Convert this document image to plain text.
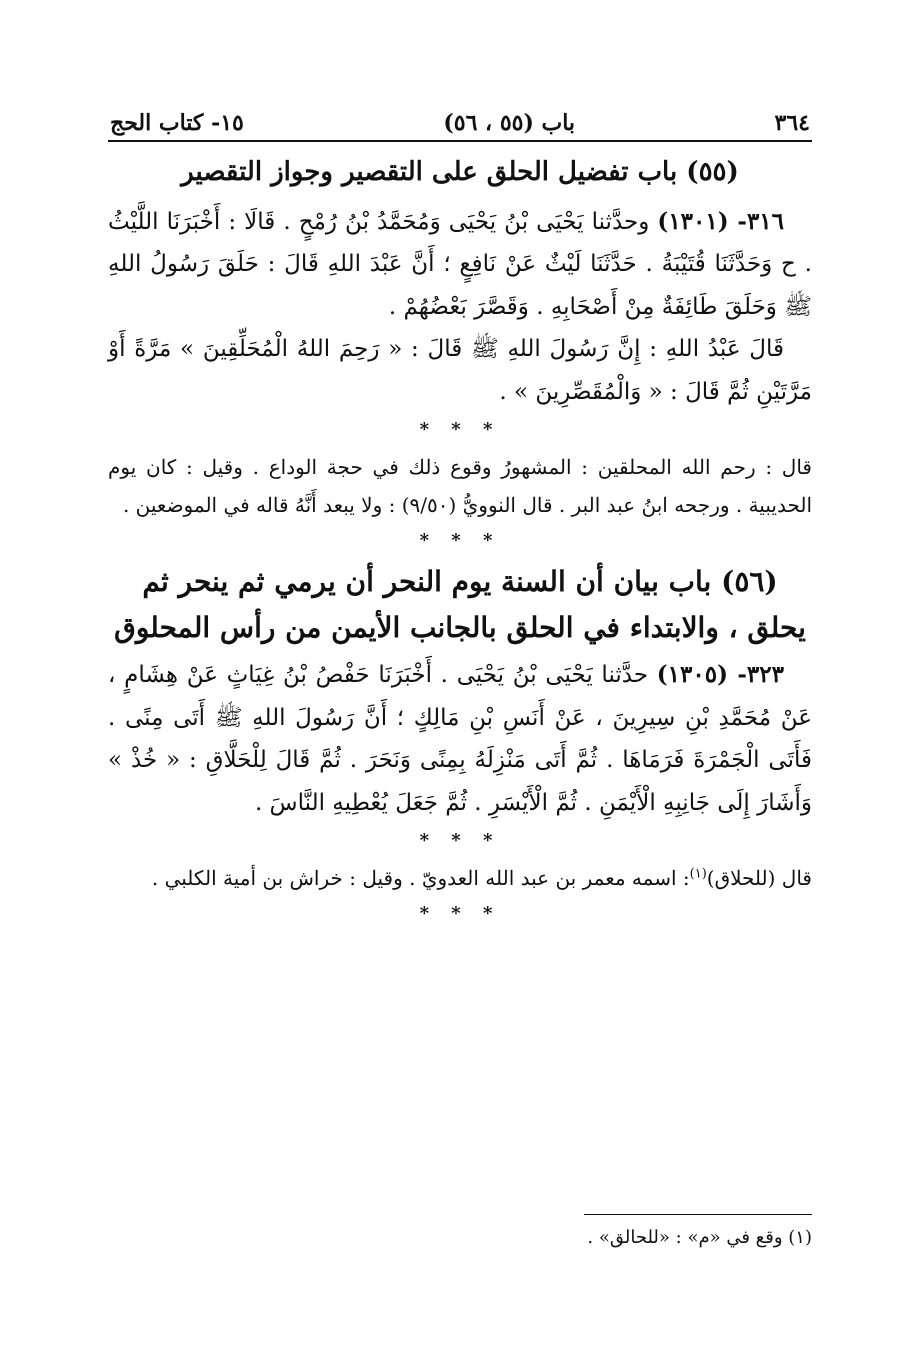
٣٦٤
باب (٥٥ ، ٥٦)
١٥- كتاب الحج
(٥٥) باب تفضيل الحلق على التقصير وجواز التقصير

٣١٦- (١٣٠١) وحدَّثنا يَحْيَى بْنُ يَحْيَى وَمُحَمَّدُ بْنُ رُمْحٍ . قَالَا : أَخْبَرَنَا اللَّيْثُ . ح وَحَدَّثَنَا قُتَيْبَةُ . حَدَّثَنَا لَيْثٌ عَنْ نَافِعٍ ؛ أَنَّ عَبْدَ اللهِ قَالَ : حَلَقَ رَسُولُ اللهِ ﷺ وَحَلَقَ طَائِفَةٌ مِنْ أَصْحَابِهِ . وَقَصَّرَ بَعْضُهُمْ .

قَالَ عَبْدُ اللهِ : إِنَّ رَسُولَ اللهِ ﷺ قَالَ : « رَحِمَ اللهُ الْمُحَلِّقِينَ » مَرَّةً أَوْ مَرَّتَيْنِ ثُمَّ قَالَ : « وَالْمُقَصِّرِينَ » .

* * *

قال : رحم الله المحلقين : المشهورُ وقوع ذلك في حجة الوداع . وقيل : كان يوم الحديبية . ورجحه ابنُ عبد البر . قال النوويُّ (٩/٥٠) : ولا يبعد أَنَّهُ قاله في الموضعين .

* * *
(٥٦) باب بيان أن السنة يوم النحر أن يرمي ثم ينحر ثم
يحلق ، والابتداء في الحلق بالجانب الأيمن من رأس المحلوق

٣٢٣- (١٣٠٥) حدَّثنا يَحْيَى بْنُ يَحْيَى . أَخْبَرَنَا حَفْصُ بْنُ غِيَاثٍ عَنْ هِشَامٍ ، عَنْ مُحَمَّدِ بْنِ سِيرِينَ ، عَنْ أَنَسِ بْنِ مَالِكٍ ؛ أَنَّ رَسُولَ اللهِ ﷺ أَتَى مِنًى . فَأَتَى الْجَمْرَةَ فَرَمَاهَا . ثُمَّ أَتَى مَنْزِلَهُ بِمِنًى وَنَحَرَ . ثُمَّ قَالَ لِلْحَلَّاقِ : « خُذْ » وَأَشَارَ إِلَى جَانِبِهِ الْأَيْمَنِ . ثُمَّ الْأَيْسَرِ . ثُمَّ جَعَلَ يُعْطِيهِ النَّاسَ .

* * *

قال (للحلاق)$^{(١)}$: اسمه معمر بن عبد الله العدويّ . وقيل : خراش بن أمية الكلبي .

* * *
(١) وقع في «م» : «للحالق» .
